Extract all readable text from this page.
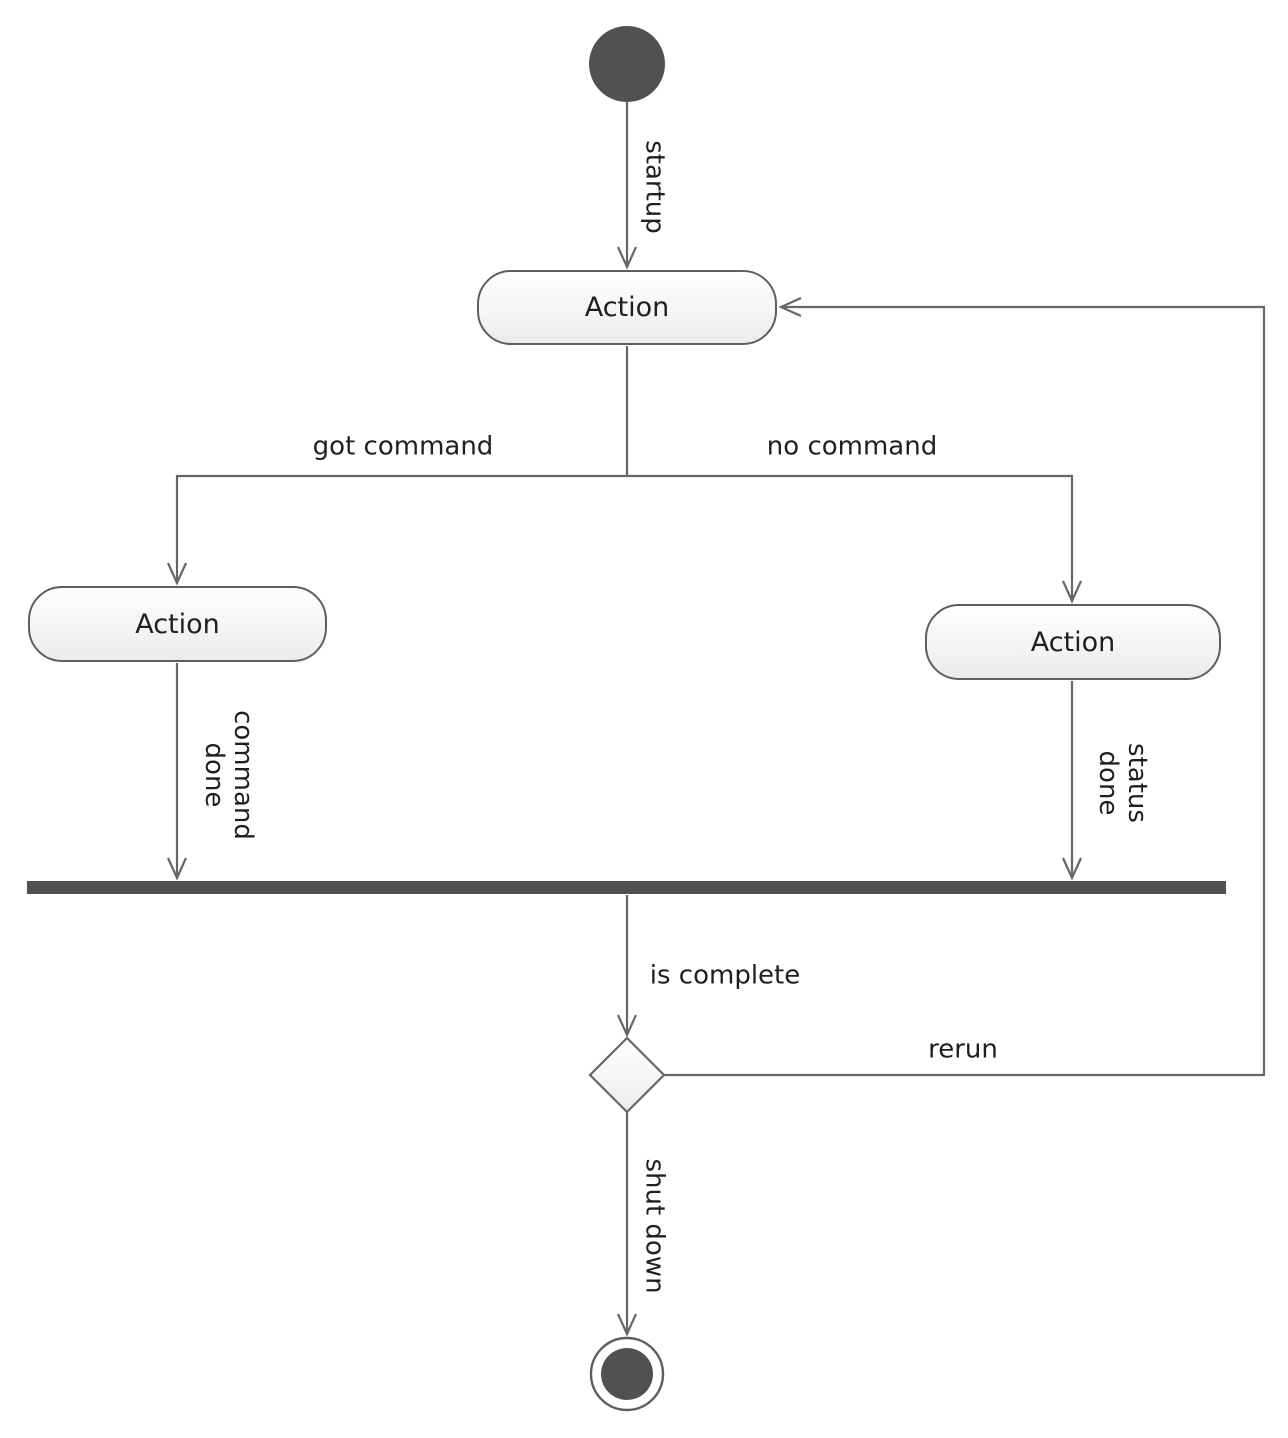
Action
Action
Action
startup
got command	no command
command
done	status
done
is complete
rerun
shut down
